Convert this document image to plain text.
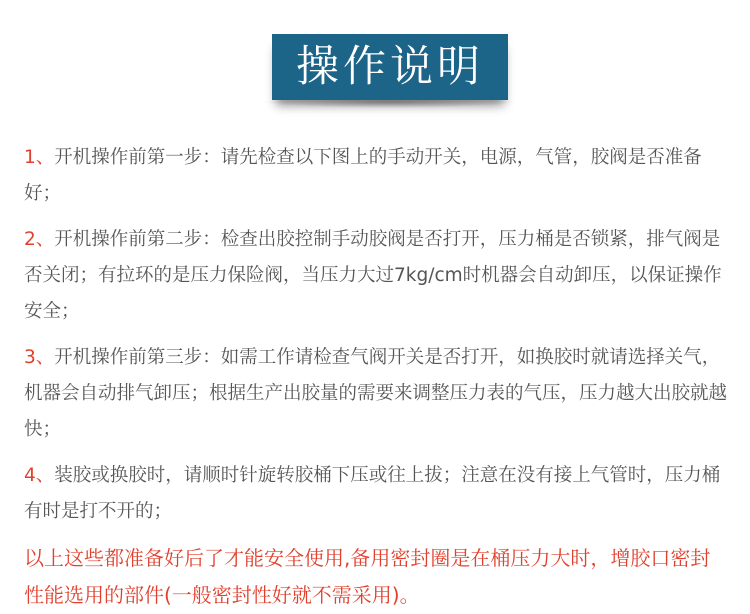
操作说明

1、开机操作前第一步：请先检查以下图上的手动开关，电源，气管，胶阀是否准备好；

2、开机操作前第二步：检查出胶控制手动胶阀是否打开，压力桶是否锁紧，排气阀是否关闭；有拉环的是压力保险阀，当压力大过7kg/cm时机器会自动卸压，以保证操作安全；

3、开机操作前第三步：如需工作请检查气阀开关是否打开，如换胶时就请选择关气，机器会自动排气卸压；根据生产出胶量的需要来调整压力表的气压，压力越大出胶就越快；

4、装胶或换胶时，请顺时针旋转胶桶下压或往上拔；注意在没有接上气管时，压力桶有时是打不开的；

以上这些都准备好后了才能安全使用,备用密封圈是在桶压力大时，增胶口密封性能选用的部件(一般密封性好就不需采用)。
